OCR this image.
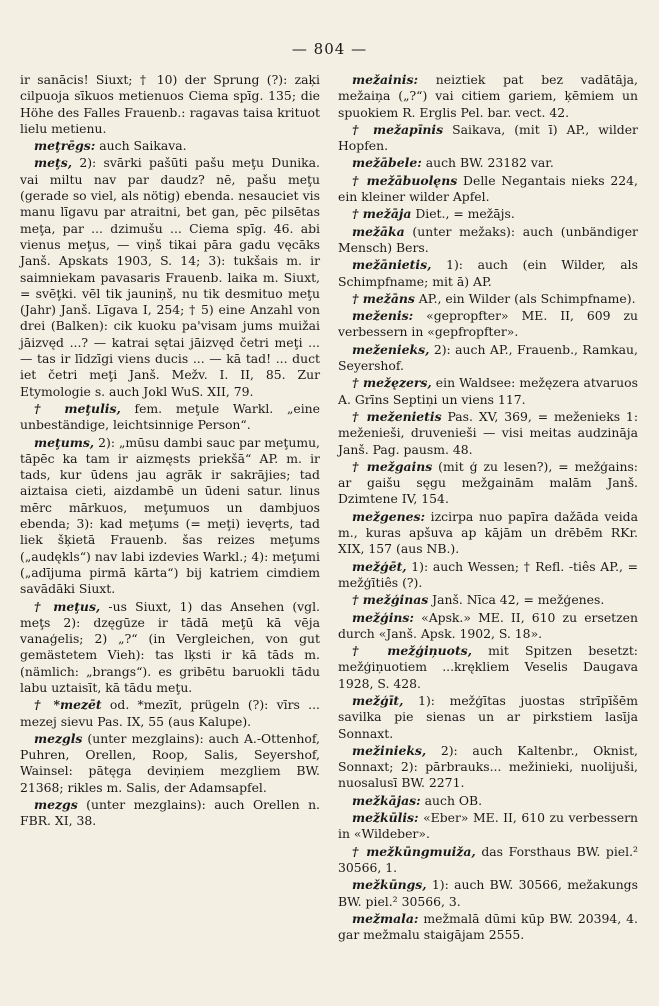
— 804 —

ir sanācis! Siuxt; † 10) der Sprung (?): zaķi cilpuoja sīkuos metienuos Ciema spīg. 135; die Höhe des Falles Frauenb.: ragavas taisa krituot lielu metienu.

meţrēgs: auch Saikava.

meţs, 2): svārki pašūti pašu meţu Dunika. vai miltu nav par daudz? nē, pašu meţu (gerade so viel, als nötig) ebenda. nesauciet vis manu līgavu par atraitni, bet gan, pēc pilsētas meţa, par ... dzimušu ... Ciema spīg. 46. abi vienus meţus, — viņš tikai pāra gadu vęcāks Janš. Apskats 1903, S. 14; 3): tukšais m. ir saimniekam pavasaris Frauenb. laika m. Siuxt, = svēţki. vēl tik jauniņš, nu tik desmituo meţu (Jahr) Janš. Līgava I, 254; † 5) eine Anzahl von drei (Balken): cik kuoku pa'visam jums muižai jāizvęd ...? — katrai sętai jāizvęd četri meţi ... — tas ir līdzīgi viens ducis ... — kā tad! ... duct iet četri meţi Janš. Mežv. I. II, 85. Zur Etymologie s. auch Jokl WuS. XII, 79.

† meţulis, fem. meţule Warkl. „eine unbeständige, leichtsinnige Person“.

meţums, 2): „mūsu dambi sauc par meţumu, tāpēc ka tam ir aizmęsts priekšā“ AP. m. ir tads, kur ūdens jau agrāk ir sakrājies; tad aiztaisa cieti, aizdambē un ūdeni satur. linus mērc mārkuos, meţumuos un dambjuos ebenda; 3): kad meţums (= meţi) ievęrts, tad liek šķietā Frauenb. šas reizes meţums („audękls“) nav labi izdevies Warkl.; 4): meţumi („adījuma pirmā kārta“) bij katriem cimdiem savādāki Siuxt.

† meţus, -us Siuxt, 1) das Ansehen (vgl. meţs 2): dzęgūze ir tādā meţū kā vēja vanaģelis; 2) „?“ (in Vergleichen, von gut gemästetem Vieh): tas lķsti ir kā tāds m. (nämlich: „brangs“). es gribētu baruokli tādu labu uztaisīt, kā tādu meţu.

† *mezēt od. *mezīt, prügeln (?): vīrs ... mezej sievu Pas. IX, 55 (aus Kalupe).

mezgls (unter mezglains): auch A.-Ottenhof, Puhren, Orellen, Roop, Salis, Seyershof, Wainsel: pātęga deviņiem mezgliem BW. 21368; rikles m. Salis, der Adamsapfel.

mezgs (unter mezglains): auch Orellen n. FBR. XI, 38.

mežainis: neiztiek pat bez vadātāja, mežaiņa („?“) vai citiem gariem, ķēmiem un spuokiem R. Erglis Pel. bar. vect. 42.

† mežapīnis Saikava, (mit ī) AP., wilder Hopfen.

mežābele: auch BW. 23182 var.

† mežābuolęns Delle Negantais nieks 224, ein kleiner wilder Apfel.

† mežāja Diet., = mežājs.

mežāka (unter mežaks): auch (unbändiger Mensch) Bers.

mežānietis, 1): auch (ein Wilder, als Schimpfname; mit ā) AP.

† mežāns AP., ein Wilder (als Schimpfname).

meženis: «gepropfter» ME. II, 609 zu verbessern in «gepfropfter».

meženieks, 2): auch AP., Frauenb., Ramkau, Seyershof.

† mežęzers, ein Waldsee: mežęzera atvaruos A. Grīns Septiņi un viens 117.

† meženietis Pas. XV, 369, = meženieks 1: meženieši, druvenieši — visi meitas audzināja Janš. Pag. pausm. 48.

† mežgains (mit ģ zu lesen?), = mežģains: ar gaišu sęgu mežgainām malām Janš. Dzimtene IV, 154.

mežgenes: izcirpa nuo papīra dažāda veida m., kuras apšuva ap kājām un drēbēm RKr. XIX, 157 (aus NB.).

mežģēt, 1): auch Wessen; † Refl. -tiês AP., = mežģītiês (?).

† mežģinas Janš. Nīca 42, = mežģenes.

mežģins: «Apsk.» ME. II, 610 zu ersetzen durch «Janš. Apsk. 1902, S. 18».

† mežģiņuots, mit Spitzen besetzt: mežģiņuotiem ...krękliem Veselis Daugava 1928, S. 428.

mežģīt, 1): mežģītas juostas strīpīšēm savilka pie sienas un ar pirkstiem lasīja Sonnaxt.

mežinieks, 2): auch Kaltenbr., Oknist, Sonnaxt; 2): pārbrauks... mežinieki, nuolijuši, nuosalusī BW. 2271.

mežkājas: auch OB.

mežkūlis: «Eber» ME. II, 610 zu verbessern in «Wildeber».

† mežkūngmuiža, das Forsthaus BW. piel.² 30566, 1.

mežkūngs, 1): auch BW. 30566, mežakungs BW. piel.² 30566, 3.

mežmala: mežmalā dūmi kūp BW. 20394, 4. gar mežmalu staigājam 2555.
